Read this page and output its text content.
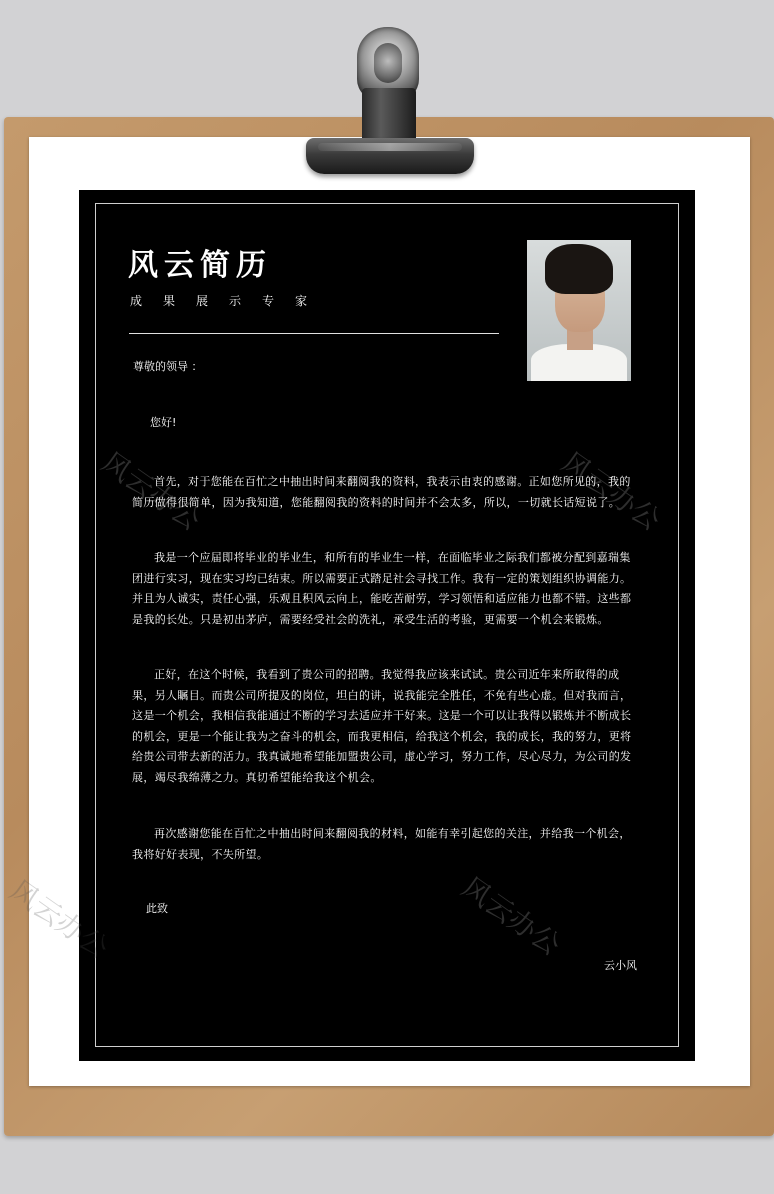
风云简历
成果展示专家
尊敬的领导 ：
您好!
首先，对于您能在百忙之中抽出时间来翻阅我的资料，我表示由衷的感谢。正如您所见的，我的简历做得很简单，因为我知道，您能翻阅我的资料的时间并不会太多，所以，一切就长话短说了。
我是一个应届即将毕业的毕业生，和所有的毕业生一样，在面临毕业之际我们都被分配到嘉瑞集团进行实习，现在实习均已结束。所以需要正式踏足社会寻找工作。我有一定的策划组织协调能力。并且为人诚实，责任心强，乐观且积风云向上，能吃苦耐劳，学习领悟和适应能力也都不错。这些都是我的长处。只是初出茅庐，需要经受社会的洗礼，承受生活的考验，更需要一个机会来锻炼。
正好，在这个时候，我看到了贵公司的招聘。我觉得我应该来试试。贵公司近年来所取得的成果，另人瞩目。而贵公司所提及的岗位，坦白的讲，说我能完全胜任，不免有些心虚。但对我而言，这是一个机会，我相信我能通过不断的学习去适应并干好来。这是一个可以让我得以锻炼并不断成长的机会，更是一个能让我为之奋斗的机会，而我更相信，给我这个机会，我的成长，我的努力，更将给贵公司带去新的活力。我真诚地希望能加盟贵公司，虚心学习，努力工作，尽心尽力，为公司的发展，竭尽我绵薄之力。真切希望能给我这个机会。
再次感谢您能在百忙之中抽出时间来翻阅我的材料，如能有幸引起您的关注，并给我一个机会，我将好好表现，不失所望。
此致
云小风
风云办公
